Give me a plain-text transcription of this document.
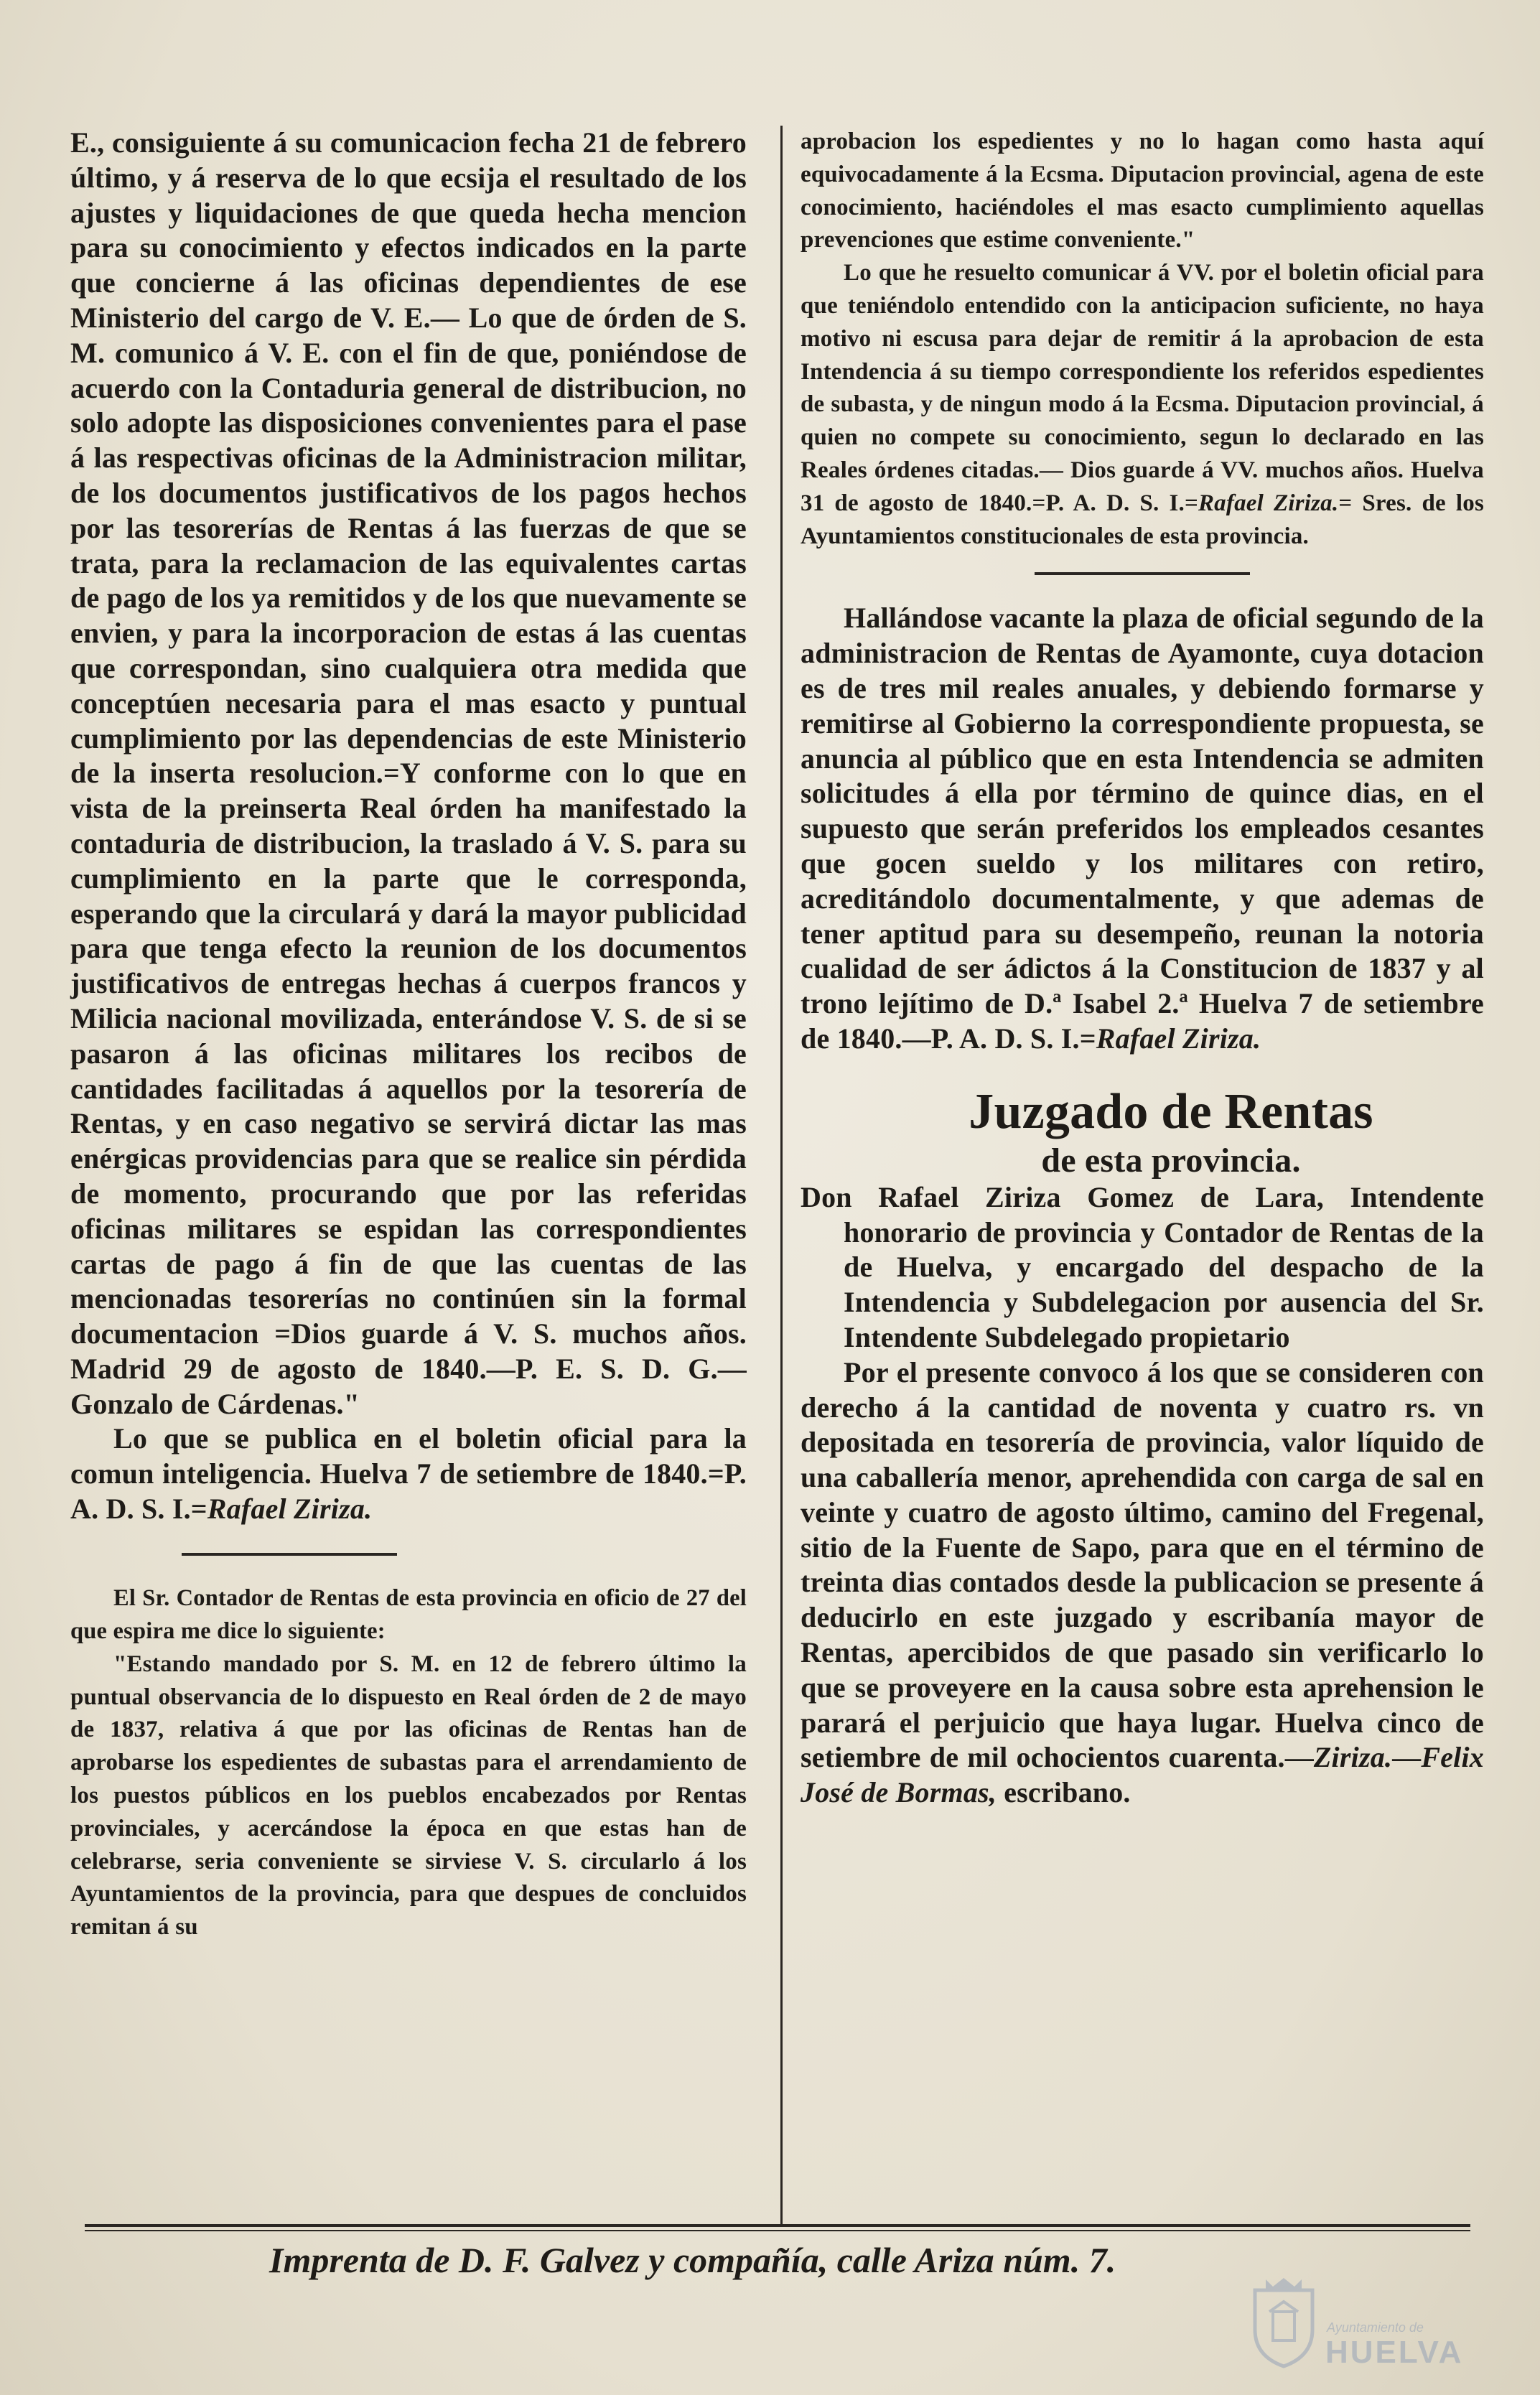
E., consiguiente á su comunicacion fecha 21 de febrero último, y á reserva de lo que ecsija el resultado de los ajustes y liquidaciones de que queda hecha mencion para su conocimiento y efectos indicados en la parte que concierne á las oficinas dependientes de ese Ministerio del cargo de V. E.— Lo que de órden de S. M. comunico á V. E. con el fin de que, poniéndose de acuerdo con la Contaduria general de distribucion, no solo adopte las disposiciones convenientes para el pase á las respectivas oficinas de la Administracion militar, de los documentos justificativos de los pagos hechos por las tesorerías de Rentas á las fuerzas de que se trata, para la reclamacion de las equivalentes cartas de pago de los ya remitidos y de los que nuevamente se envien, y para la incorporacion de estas á las cuentas que correspondan, sino cualquiera otra medida que conceptúen necesaria para el mas esacto y puntual cumplimiento por las dependencias de este Ministerio de la inserta resolucion.=Y conforme con lo que en vista de la preinserta Real órden ha manifestado la contaduria de distribucion, la traslado á V. S. para su cumplimiento en la parte que le corresponda, esperando que la circulará y dará la mayor publicidad para que tenga efecto la reunion de los documentos justificativos de entregas hechas á cuerpos francos y Milicia nacional movilizada, enterándose V. S. de si se pasaron á las oficinas militares los recibos de cantidades facilitadas á aquellos por la tesorería de Rentas, y en caso negativo se servirá dictar las mas enérgicas providencias para que se realice sin pérdida de momento, procurando que por las referidas oficinas militares se espidan las correspondientes cartas de pago á fin de que las cuentas de las mencionadas tesorerías no continúen sin la formal documentacion =Dios guarde á V. S. muchos años. Madrid 29 de agosto de 1840.—P. E. S. D. G.—Gonzalo de Cárdenas."

Lo que se publica en el boletin oficial para la comun inteligencia. Huelva 7 de setiembre de 1840.=P. A. D. S. I.=Rafael Ziriza.

El Sr. Contador de Rentas de esta provincia en oficio de 27 del que espira me dice lo siguiente:

"Estando mandado por S. M. en 12 de febrero último la puntual observancia de lo dispuesto en Real órden de 2 de mayo de 1837, relativa á que por las oficinas de Rentas han de aprobarse los espedientes de subastas para el arrendamiento de los puestos públicos en los pueblos encabezados por Rentas provinciales, y acercándose la época en que estas han de celebrarse, seria conveniente se sirviese V. S. circularlo á los Ayuntamientos de la provincia, para que despues de concluidos remitan á su

aprobacion los espedientes y no lo hagan como hasta aquí equivocadamente á la Ecsma. Diputacion provincial, agena de este conocimiento, haciéndoles el mas esacto cumplimiento aquellas prevenciones que estime conveniente."

Lo que he resuelto comunicar á VV. por el boletin oficial para que teniéndolo entendido con la anticipacion suficiente, no haya motivo ni escusa para dejar de remitir á la aprobacion de esta Intendencia á su tiempo correspondiente los referidos espedientes de subasta, y de ningun modo á la Ecsma. Diputacion provincial, á quien no compete su conocimiento, segun lo declarado en las Reales órdenes citadas.— Dios guarde á VV. muchos años. Huelva 31 de agosto de 1840.=P. A. D. S. I.=Rafael Ziriza.= Sres. de los Ayuntamientos constitucionales de esta provincia.

Hallándose vacante la plaza de oficial segundo de la administracion de Rentas de Ayamonte, cuya dotacion es de tres mil reales anuales, y debiendo formarse y remitirse al Gobierno la correspondiente propuesta, se anuncia al público que en esta Intendencia se admiten solicitudes á ella por término de quince dias, en el supuesto que serán preferidos los empleados cesantes que gocen sueldo y los militares con retiro, acreditándolo documentalmente, y que ademas de tener aptitud para su desempeño, reunan la notoria cualidad de ser ádictos á la Constitucion de 1837 y al trono lejítimo de D.ª Isabel 2.ª Huelva 7 de setiembre de 1840.—P. A. D. S. I.=Rafael Ziriza.

Juzgado de Rentas

de esta provincia.

Don Rafael Ziriza Gomez de Lara, Intendente honorario de provincia y Contador de Rentas de la de Huelva, y encargado del despacho de la Intendencia y Subdelegacion por ausencia del Sr. Intendente Subdelegado propietario

Por el presente convoco á los que se consideren con derecho á la cantidad de noventa y cuatro rs. vn depositada en tesorería de provincia, valor líquido de una caballería menor, aprehendida con carga de sal en veinte y cuatro de agosto último, camino del Fregenal, sitio de la Fuente de Sapo, para que en el término de treinta dias contados desde la publicacion se presente á deducirlo en este juzgado y escribanía mayor de Rentas, apercibidos de que pasado sin verificarlo lo que se proveyere en la causa sobre esta aprehension le parará el perjuicio que haya lugar. Huelva cinco de setiembre de mil ochocientos cuarenta.—Ziriza.—Felix José de Bormas, escribano.

Imprenta de D. F. Galvez y compañía, calle Ariza núm. 7.
Ayuntamiento de
HUELVA
